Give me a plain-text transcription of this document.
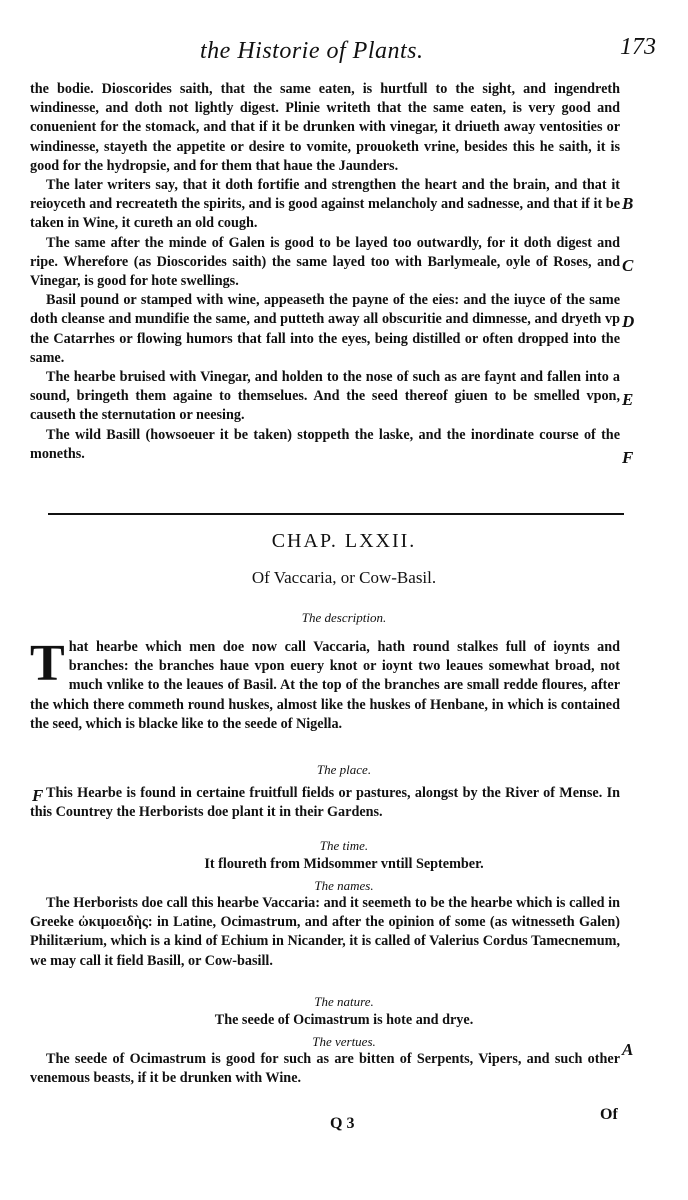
the Historie of Plants.	173

the bodie. Dioscorides saith, that the same eaten, is hurtfull to the sight, and ingendreth windinesse, and doth not lightly digest. Plinie writeth that the same eaten, is very good and conuenient for the stomack, and that if it be drunken with vinegar, it driueth away ventosities or windinesse, stayeth the appetite or desire to vomite, prouoketh vrine, besides this he saith, it is good for the hydropsie, and for them that haue the Jaunders.

The later writers say, that it doth fortifie and strengthen the heart and the brain, and that it reioyceth and recreateth the spirits, and is good against melancholy and sadnesse, and that if it be taken in Wine, it cureth an old cough.

The same after the minde of Galen is good to be layed too outwardly, for it doth digest and ripe. Wherefore (as Dioscorides saith) the same layed too with Barlymeale, oyle of Roses, and Vinegar, is good for hote swellings.

Basil pound or stamped with wine, appeaseth the payne of the eies: and the iuyce of the same doth cleanse and mundifie the same, and putteth away all obscuritie and dimnesse, and dryeth vp the Catarrhes or flowing humors that fall into the eyes, being distilled or often dropped into the same.

The hearbe bruised with Vinegar, and holden to the nose of such as are faynt and fallen into a sound, bringeth them againe to themselues. And the seed thereof giuen to be smelled vpon, causeth the sternutation or neesing.

The wild Basill (howsoeuer it be taken) stoppeth the laske, and the inordinate course of the moneths.

B
C
D
E
F
CHAP. LXXII.
Of Vaccaria, or Cow-Basil.
The description.
T hat hearbe which men doe now call Vaccaria, hath round stalkes full of ioynts and branches: the branches haue vpon euery knot or ioynt two leaues somewhat broad, not much vnlike to the leaues of Basil. At the top of the branches are small redde floures, after the which there commeth round huskes, almost like the huskes of Henbane, in which is contained the seed, which is blacke like to the seede of Nigella.
The place.

This Hearbe is found in certaine fruitfull fields or pastures, alongst by the River of Mense. In this Countrey the Herborists doe plant it in their Gardens.

F
The time.
It floureth from Midsommer vntill September.
The names.

The Herborists doe call this hearbe Vaccaria: and it seemeth to be the hearbe which is called in Greeke ὠκιμοειδὴς: in Latine, Ocimastrum, and after the opinion of some (as witnesseth Galen) Philitærium, which is a kind of Echium in Nicander, it is called of Valerius Cordus Tamecnemum, we may call it field Basill, or Cow-basill.

The nature.
The seede of Ocimastrum is hote and drye.
The vertues.

The seede of Ocimastrum is good for such as are bitten of Serpents, Vipers, and such other venemous beasts, if it be drunken with Wine.

A
Q 3
Of
